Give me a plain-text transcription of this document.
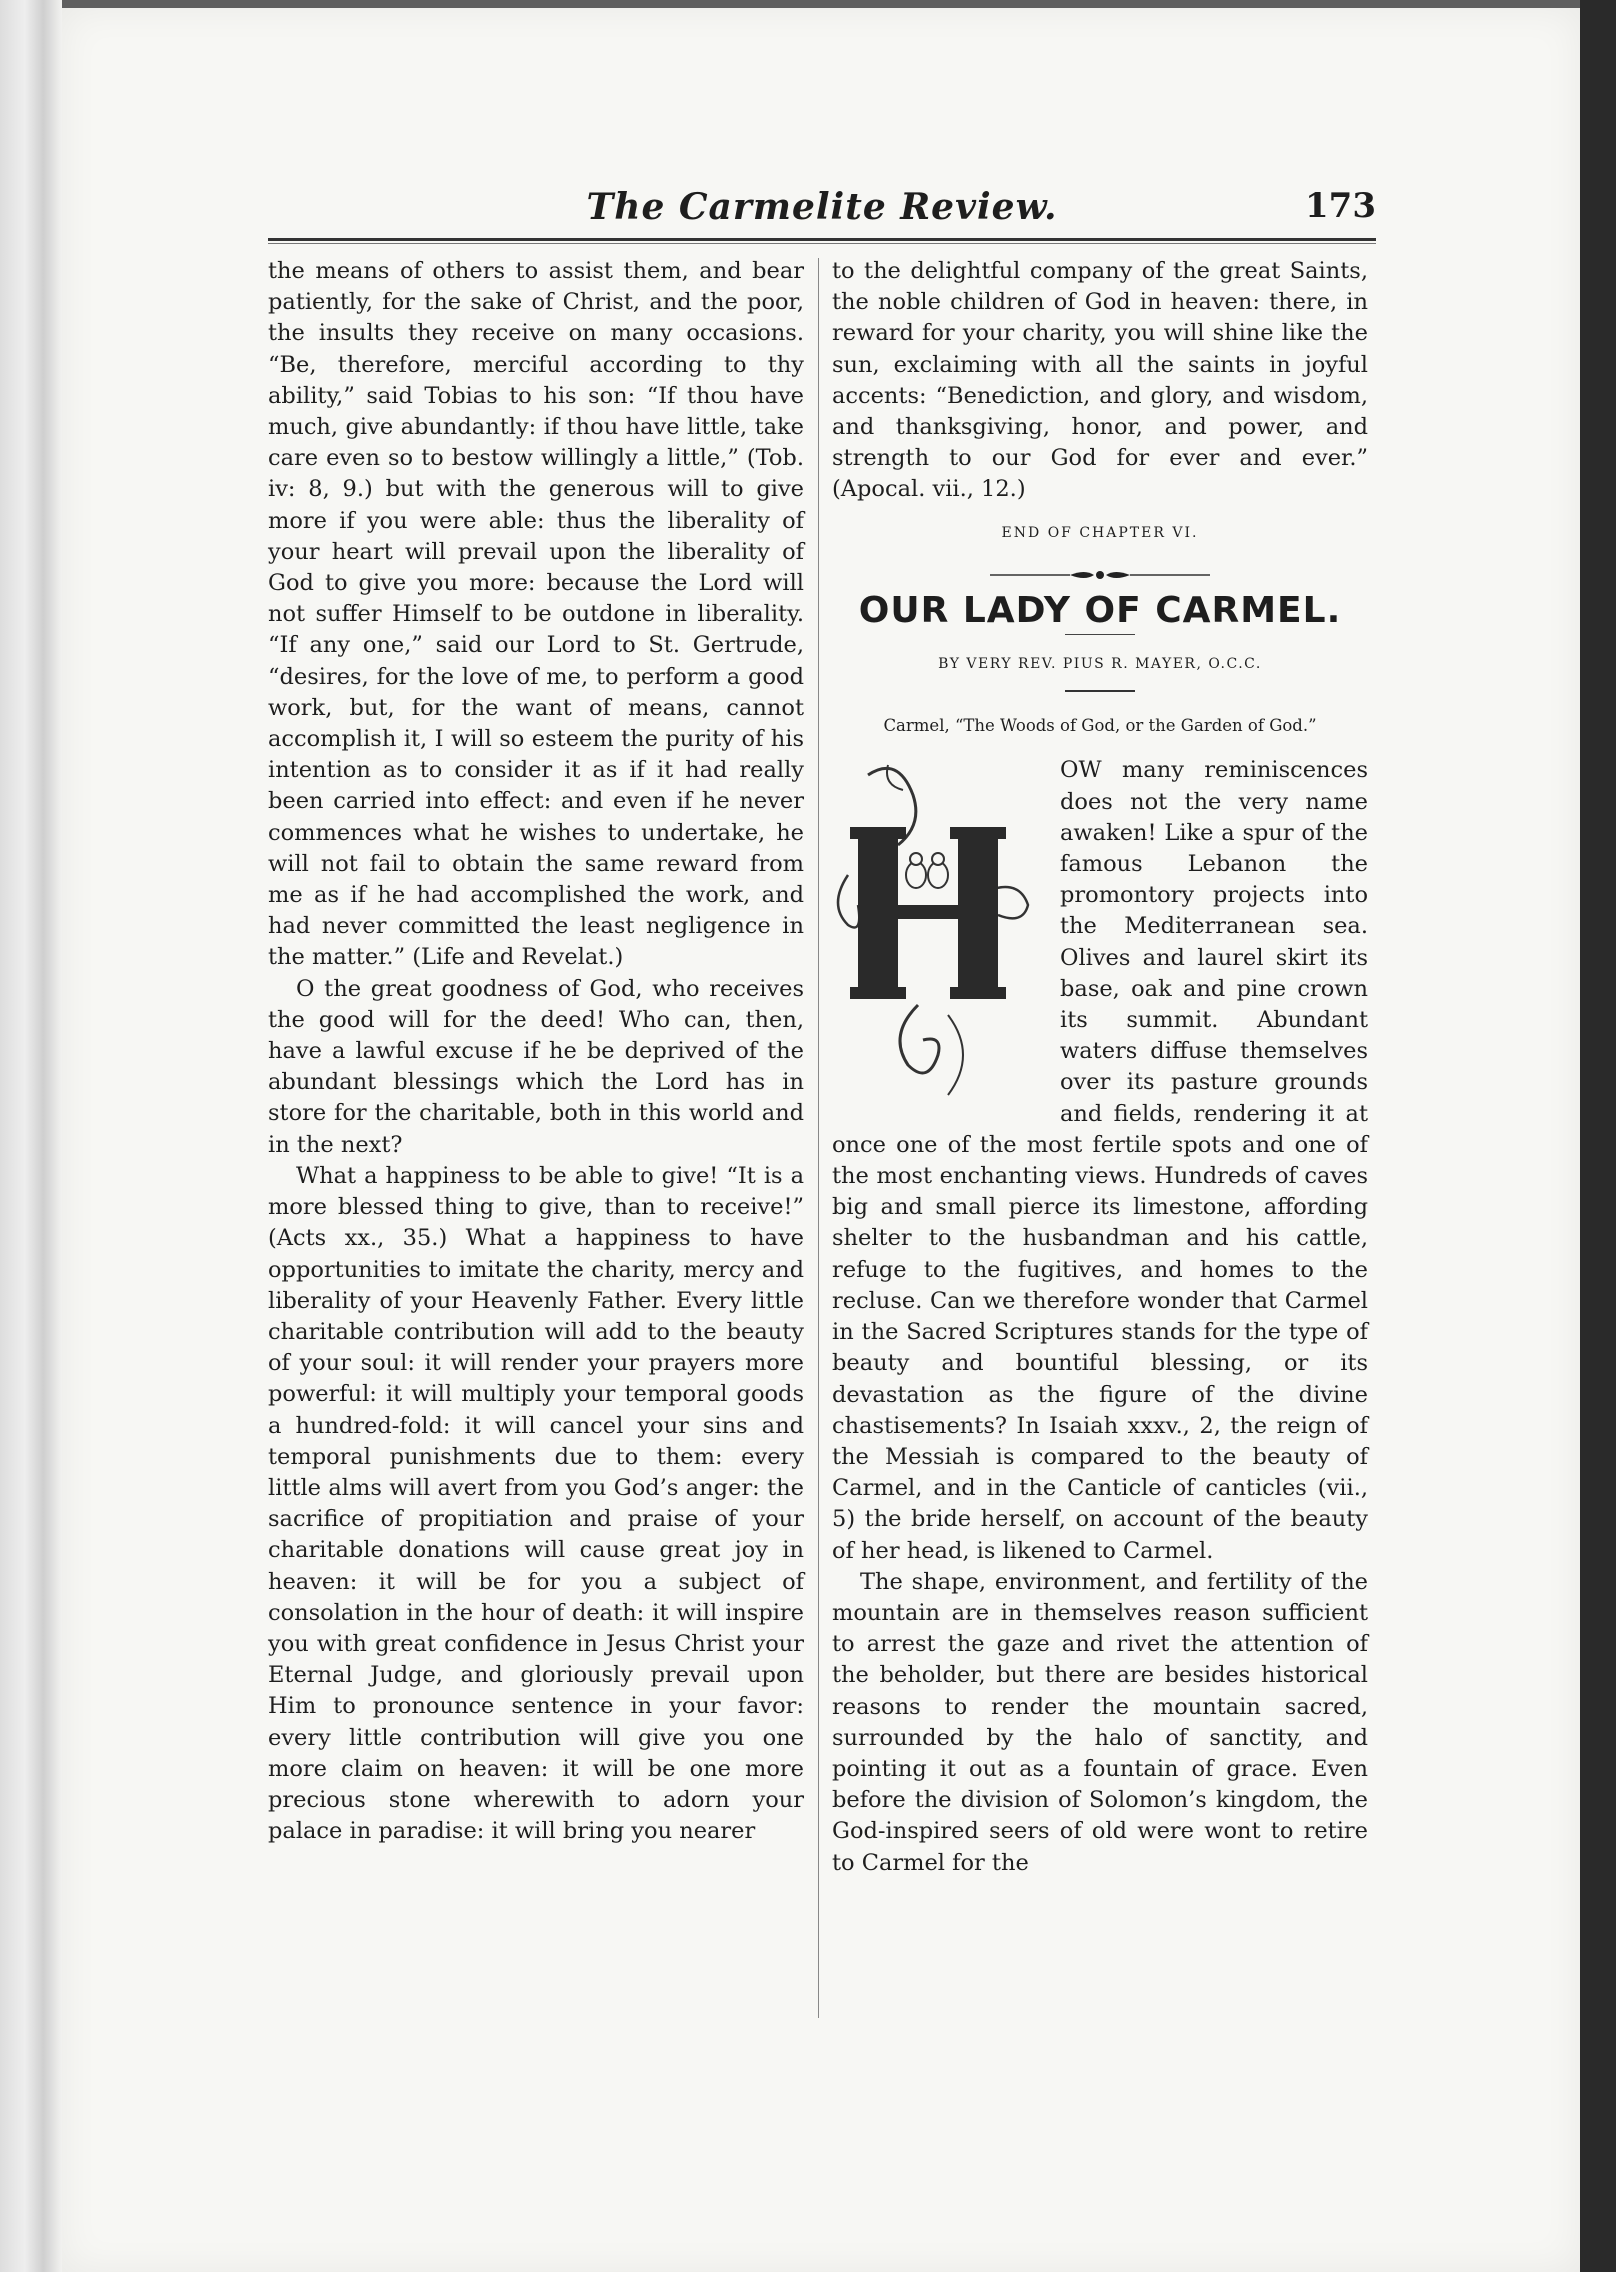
The Carmelite Review.	173

the means of others to assist them, and bear patiently, for the sake of Christ, and the poor, the insults they receive on many occasions. “Be, therefore, merciful according to thy ability,” said Tobias to his son: “If thou have much, give abundantly: if thou have little, take care even so to bestow willingly a little,” (Tob. iv: 8, 9.) but with the generous will to give more if you were able: thus the liberality of your heart will prevail upon the liberality of God to give you more: because the Lord will not suffer Himself to be outdone in liberality. “If any one,” said our Lord to St. Gertrude, “desires, for the love of me, to perform a good work, but, for the want of means, cannot accomplish it, I will so esteem the purity of his intention as to consider it as if it had really been carried into effect: and even if he never commences what he wishes to undertake, he will not fail to obtain the same reward from me as if he had accomplished the work, and had never committed the least negligence in the matter.” (Life and Revelat.)

O the great goodness of God, who receives the good will for the deed! Who can, then, have a lawful excuse if he be deprived of the abundant blessings which the Lord has in store for the charitable, both in this world and in the next?

What a happiness to be able to give! “It is a more blessed thing to give, than to receive!” (Acts xx., 35.) What a happiness to have opportunities to imitate the charity, mercy and liberality of your Heavenly Father. Every little charitable contribution will add to the beauty of your soul: it will render your prayers more powerful: it will multiply your temporal goods a hundred-fold: it will cancel your sins and temporal punishments due to them: every little alms will avert from you God’s anger: the sacrifice of propitiation and praise of your charitable donations will cause great joy in heaven: it will be for you a subject of consolation in the hour of death: it will inspire you with great confidence in Jesus Christ your Eternal Judge, and gloriously prevail upon Him to pronounce sentence in your favor: every little contribution will give you one more claim on heaven: it will be one more precious stone wherewith to adorn your palace in paradise: it will bring you nearer

to the delightful company of the great Saints, the noble children of God in heaven: there, in reward for your charity, you will shine like the sun, exclaiming with all the saints in joyful accents: “Benediction, and glory, and wisdom, and thanksgiving, honor, and power, and strength to our God for ever and ever.” (Apocal. vii., 12.)

END OF CHAPTER VI.
OUR LADY OF CARMEL.
BY VERY REV. PIUS R. MAYER, O.C.C.
Carmel, “The Woods of God, or the Garden of God.”

OW many reminiscences does not the very name awaken! Like a spur of the famous Lebanon the promontory projects into the Mediterranean sea. Olives and laurel skirt its base, oak and pine crown its summit. Abundant waters diffuse themselves over its pasture grounds and fields, rendering it at once one of the most fertile spots and one of the most enchanting views. Hundreds of caves big and small pierce its limestone, affording shelter to the husbandman and his cattle, refuge to the fugitives, and homes to the recluse. Can we therefore wonder that Carmel in the Sacred Scriptures stands for the type of beauty and bountiful blessing, or its devastation as the figure of the divine chastisements? In Isaiah xxxv., 2, the reign of the Messiah is compared to the beauty of Carmel, and in the Canticle of canticles (vii., 5) the bride herself, on account of the beauty of her head, is likened to Carmel.

The shape, environment, and fertility of the mountain are in themselves reason sufficient to arrest the gaze and rivet the attention of the beholder, but there are besides historical reasons to render the mountain sacred, surrounded by the halo of sanctity, and pointing it out as a fountain of grace. Even before the division of Solomon’s kingdom, the God-inspired seers of old were wont to retire to Carmel for the
